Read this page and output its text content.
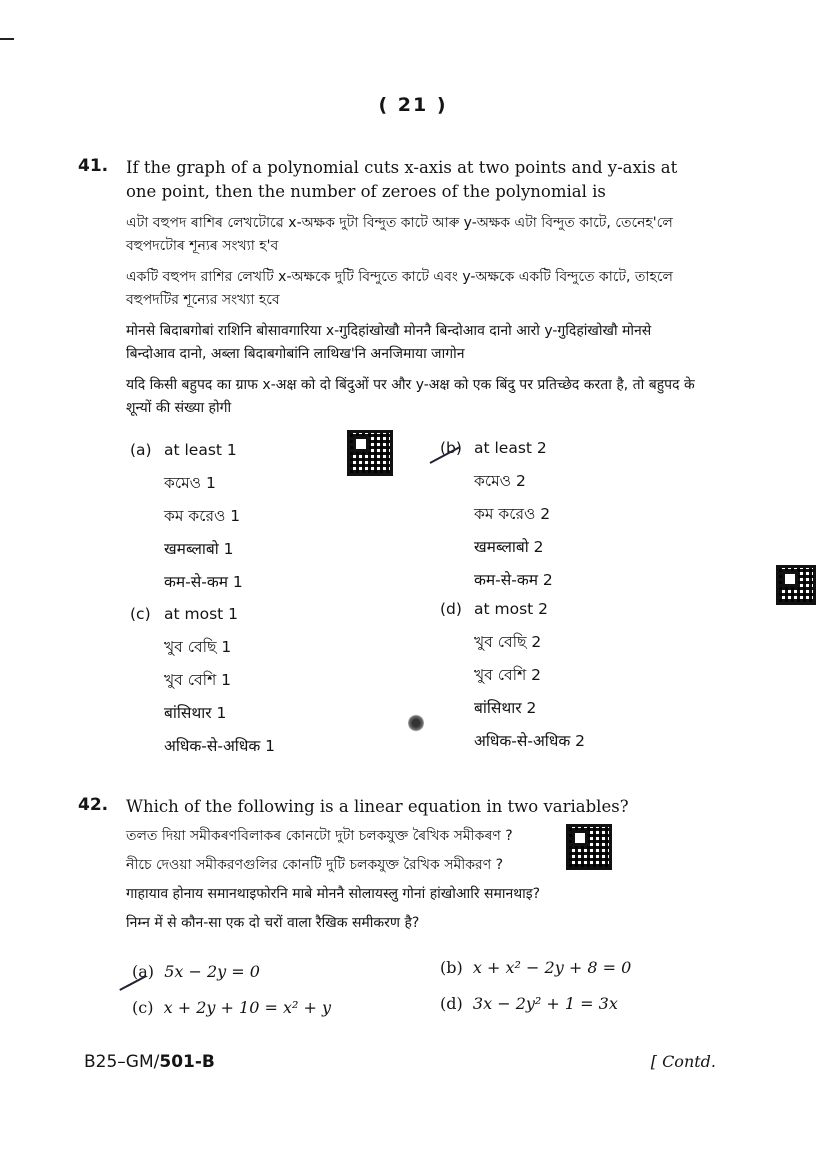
( 21 )
41. If the graph of a polynomial cuts x-axis at two points and y-axis at one point, then the number of zeroes of the polynomial is
এটা বহুপদ ৰাশিৰ লেখটোৱে x-অক্ষক দুটা বিন্দুত কাটে আৰু y-অক্ষক এটা বিন্দুত কাটে, তেনেহ'লে বহুপদটোৰ শূন্যৰ সংখ্যা হ'ব
একটি বহুপদ রাশির লেখটি x-অক্ষকে দুটি বিন্দুতে কাটে এবং y-অক্ষকে একটি বিন্দুতে কাটে, তাহলে বহুপদটির শূন্যের সংখ্যা হবে
मोनसे बिदाबगोबां राशिनि बोसावगारिया x-गुदिहांखोखौ मोननै बिन्दोआव दानो आरो y-गुदिहांखोखौ मोनसे बिन्दोआव दानो, अब्ला बिदाबगोबांनि लाथिख'नि अनजिमाया जागोन
यदि किसी बहुपद का ग्राफ x-अक्ष को दो बिंदुओं पर और y-अक्ष को एक बिंदु पर प्रतिच्छेद करता है, तो बहुपद के शून्यों की संख्या होगी
(a) at least 1
কমেও 1
কম করেও 1
खमब्लाबो 1
कम-से-कम 1
(b) at least 2
কমেও 2
কম করেও 2
खमब्लाबो 2
कम-से-कम 2
(c) at most 1
খুব বেছি 1
খুব বেশি 1
बांसिथार 1
अधिक-से-अधिक 1
(d) at most 2
খুব বেছি 2
খুব বেশি 2
बांसिथार 2
अधिक-से-अधिक 2
42. Which of the following is a linear equation in two variables?
তলত দিয়া সমীকৰণবিলাকৰ কোনটো দুটা চলকযুক্ত ৰৈখিক সমীকৰণ ?
নীচে দেওয়া সমীকরণগুলির কোনটি দুটি চলকযুক্ত রৈখিক সমীকরণ ?
गाहायाव होनाय समानथाइफोरनि माबे मोननै सोलायस्लु गोनां हांखोआरि समानथाइ?
निम्न में से कौन-सा एक दो चरों वाला रैखिक समीकरण है?
(a) 5x − 2y = 0	(b) x + x² − 2y + 8 = 0
(c) x + 2y + 10 = x² + y	(d) 3x − 2y² + 1 = 3x
B25–GM/501-B	[ Contd.
